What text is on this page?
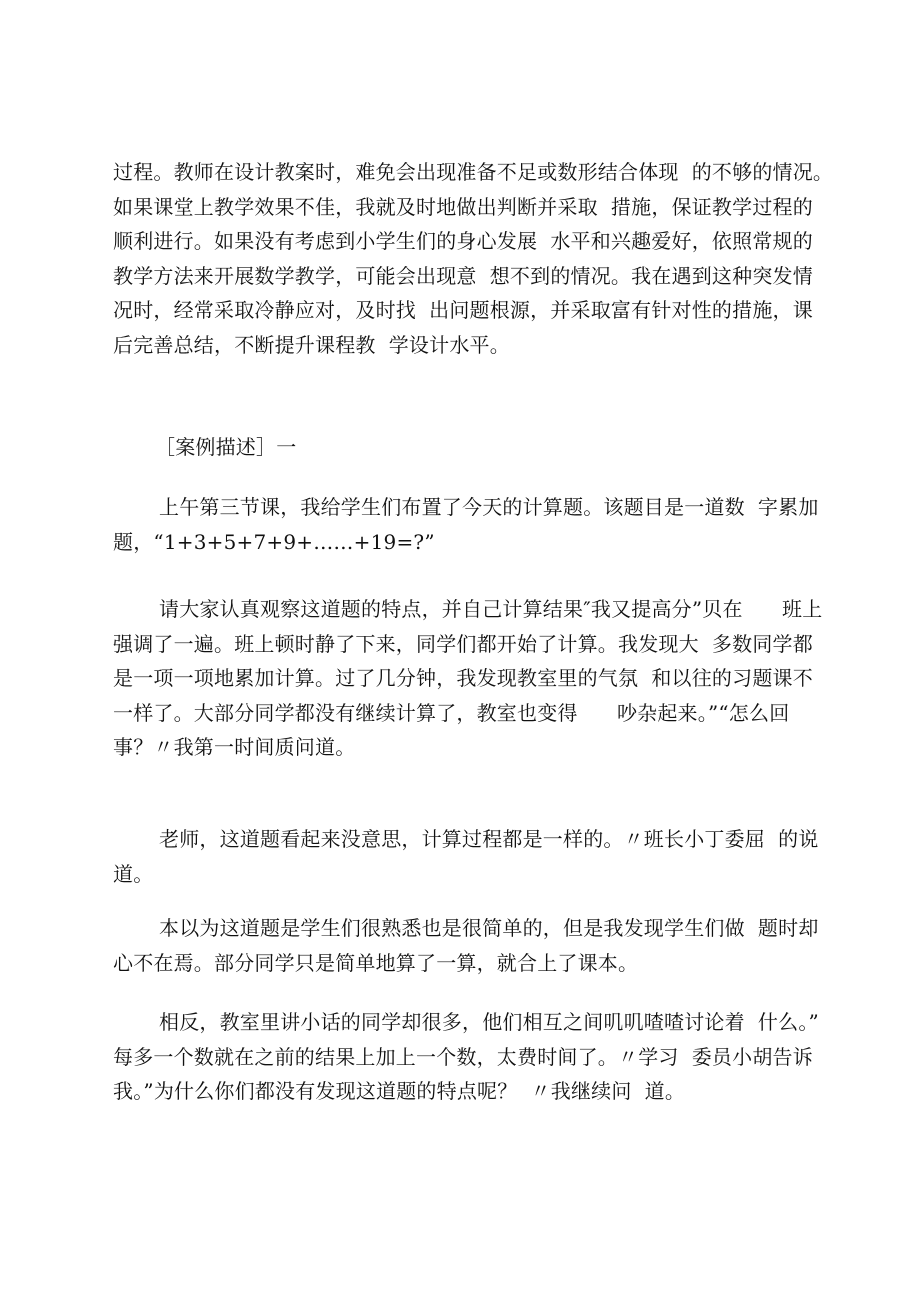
过程。教师在设计教案时，难免会出现准备不足或数形结合体现  的不够的情况。
如果课堂上教学效果不佳，我就及时地做出判断并采取  措施，保证教学过程的
顺利进行。如果没有考虑到小学生们的身心发展  水平和兴趣爱好，依照常规的
教学方法来开展数学教学，可能会出现意  想不到的情况。我在遇到这种突发情
况时，经常采取冷静应对，及时找  出问题根源，并采取富有针对性的措施，课
后完善总结，不断提升课程教  学设计水平。

［案例描述］一

上午第三节课，我给学生们布置了今天的计算题。该题目是一道数  字累加
题，“1+3+5+7+9+……+19=?”

请大家认真观察这道题的特点，并自己计算结果″我又提高分”贝在      班上
强调了一遍。班上顿时静了下来，同学们都开始了计算。我发现大  多数同学都
是一项一项地累加计算。过了几分钟，我发现教室里的气氛  和以往的习题课不
一样了。大部分同学都没有继续计算了，教室也变得      吵杂起来。”“怎么回
事？〃我第一时间质问道。

老师，这道题看起来没意思，计算过程都是一样的。〃班长小丁委屈  的说
道。

本以为这道题是学生们很熟悉也是很简单的，但是我发现学生们做  题时却
心不在焉。部分同学只是简单地算了一算，就合上了课本。

相反，教室里讲小话的同学却很多，他们相互之间叽叽喳喳讨论着  什么。”
每多一个数就在之前的结果上加上一个数，太费时间了。〃学习  委员小胡告诉
我。”为什么你们都没有发现这道题的特点呢？  〃我继续问  道。
